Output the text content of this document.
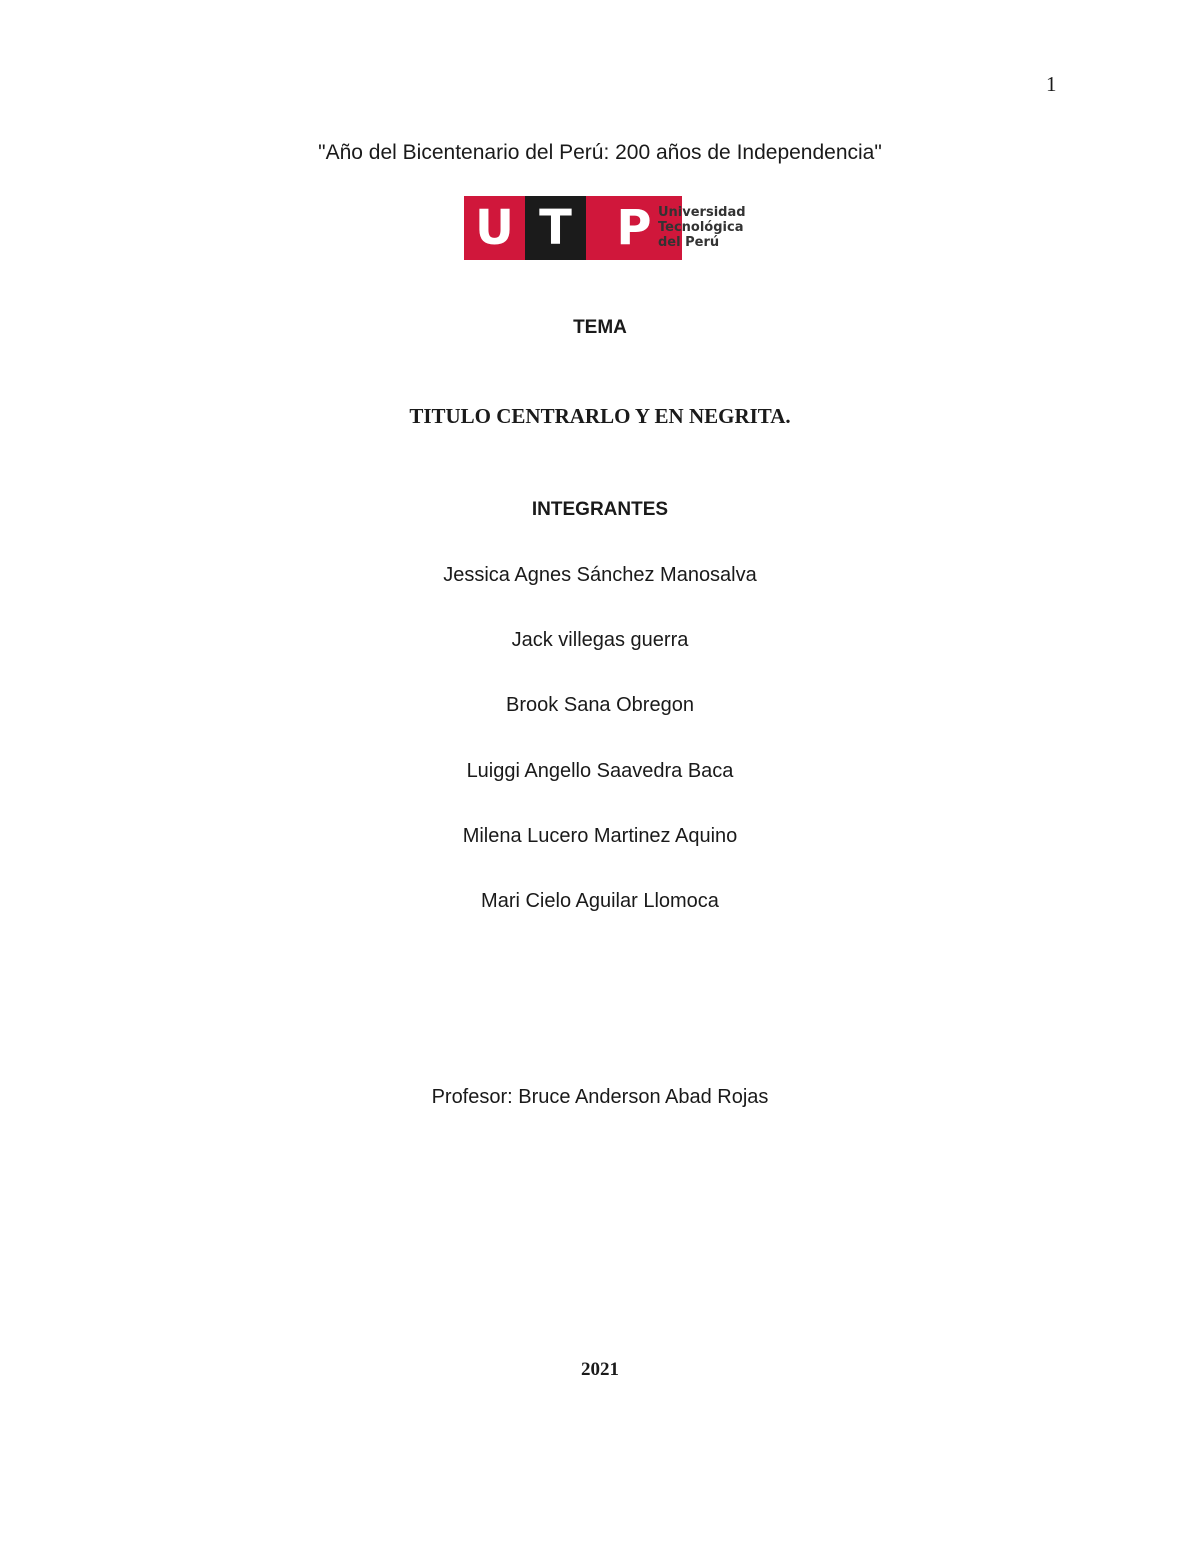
1
"Año del Bicentenario del Perú: 200 años de Independencia"
U T P Universidad
Tecnológica
del Perú
TEMA
TITULO CENTRARLO Y EN NEGRITA.
INTEGRANTES
Jessica Agnes Sánchez Manosalva
Jack villegas guerra
Brook Sana Obregon
Luiggi Angello Saavedra Baca
Milena Lucero Martinez Aquino
Mari Cielo Aguilar Llomoca
Profesor: Bruce Anderson Abad Rojas
2021
